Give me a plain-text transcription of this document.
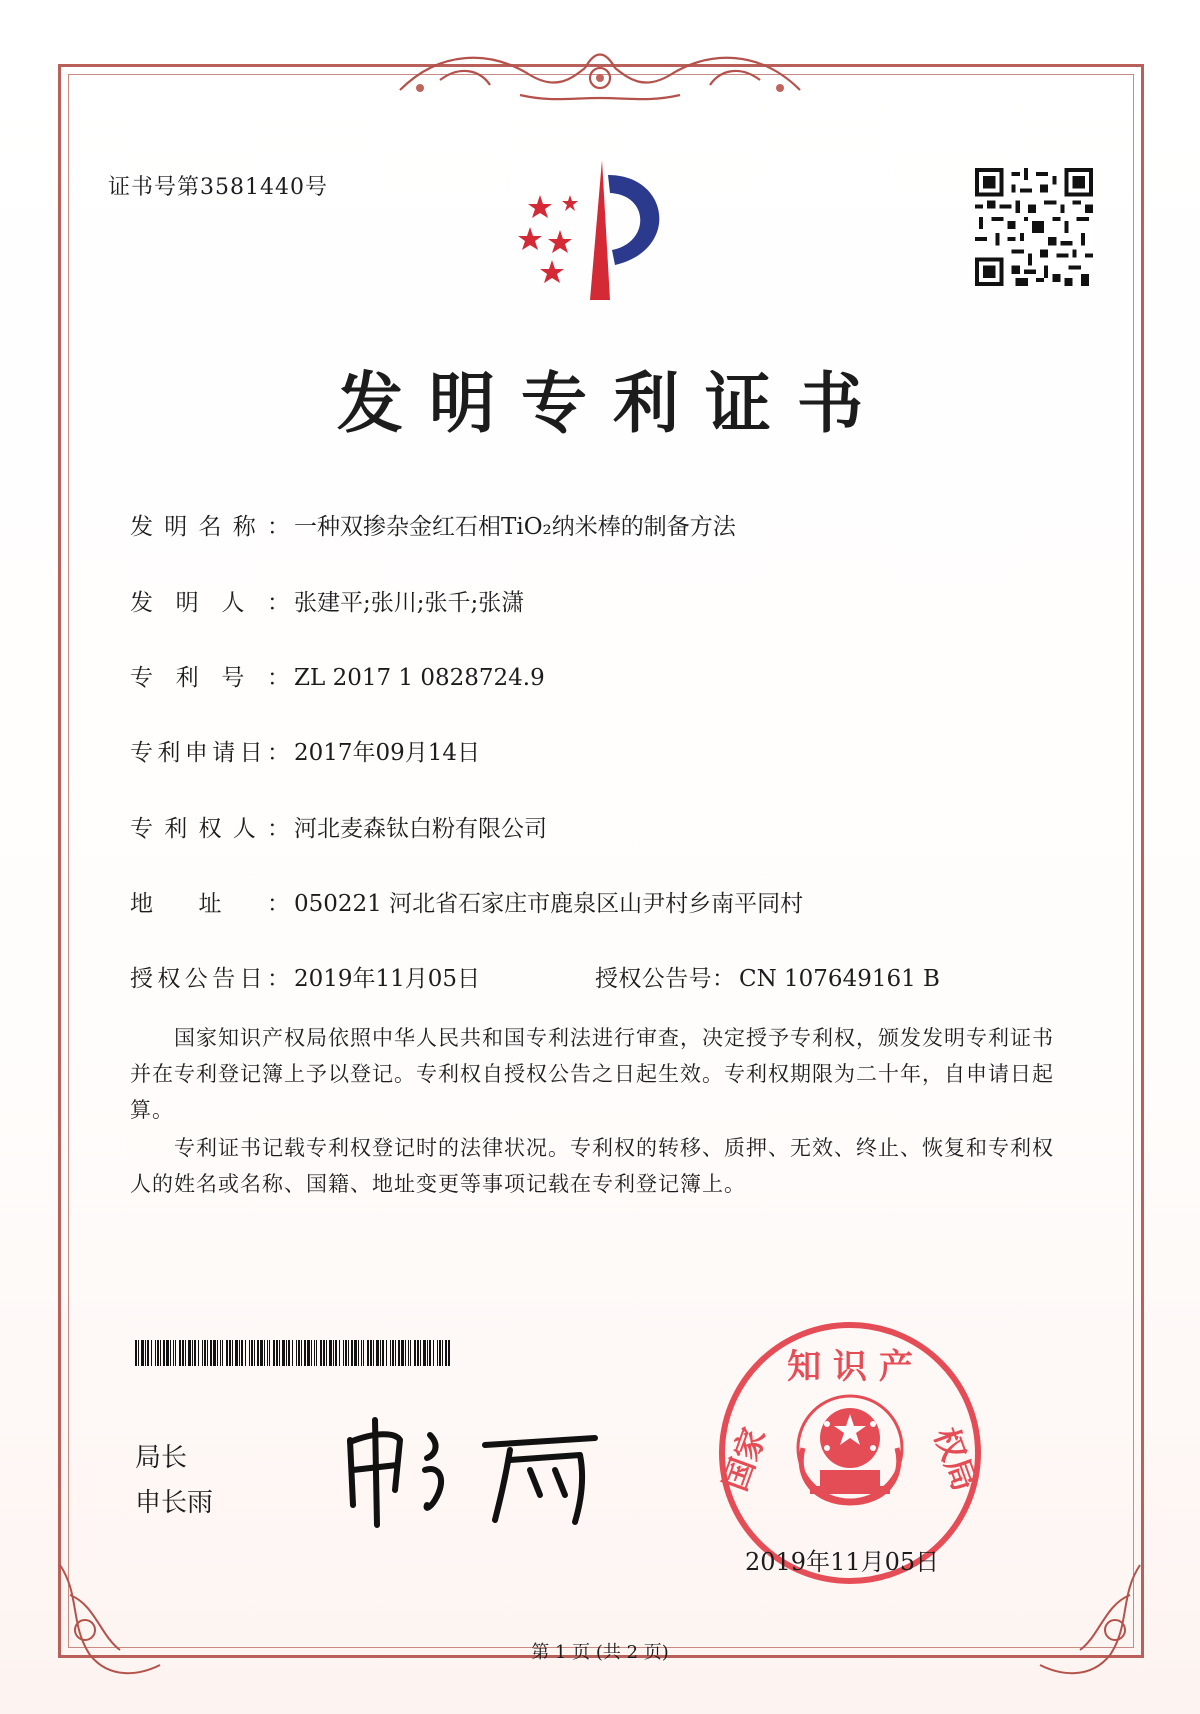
证书号第3581440号
发明专利证书
发明名称： 一种双掺杂金红石相TiO₂纳米棒的制备方法
发明人： 张建平;张川;张千;张潇
专利号： ZL 2017 1 0828724.9
专利申请日： 2017年09月14日
专利权人： 河北麦森钛白粉有限公司
地址： 050221 河北省石家庄市鹿泉区山尹村乡南平同村
授权公告日： 2019年11月05日	授权公告号： CN 107649161 B
国家知识产权局依照中华人民共和国专利法进行审查，决定授予专利权，颁发发明专利证书并在专利登记簿上予以登记。专利权自授权公告之日起生效。专利权期限为二十年，自申请日起算。
专利证书记载专利权登记时的法律状况。专利权的转移、质押、无效、终止、恢复和专利权人的姓名或名称、国籍、地址变更等事项记载在专利登记簿上。
局长
申长雨
知 识 产
国家	权局
2019年11月05日
第 1 页 (共 2 页)
